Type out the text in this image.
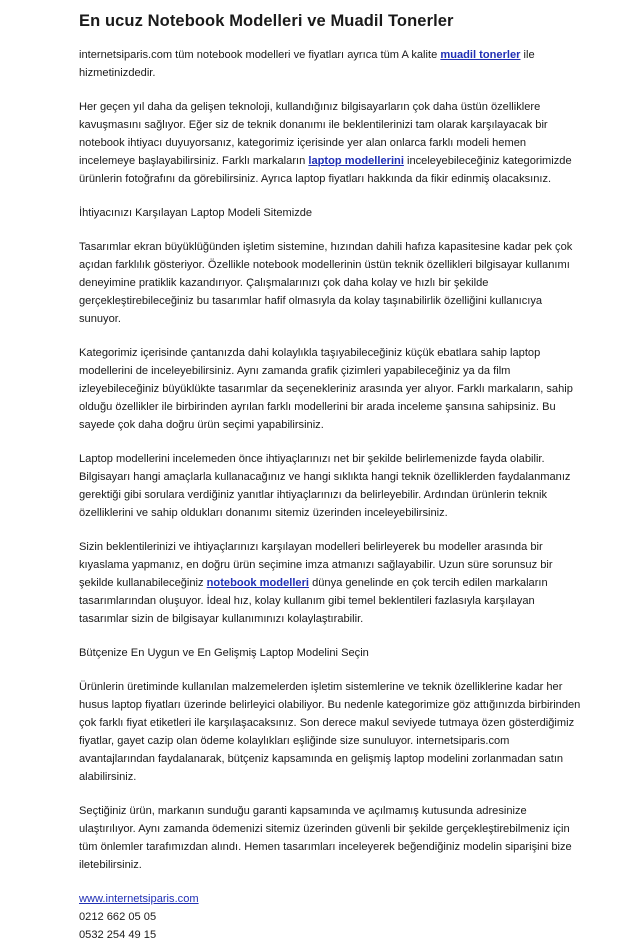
En ucuz Notebook Modelleri ve Muadil Tonerler

internetsiparis.com tüm notebook modelleri ve fiyatları ayrıca tüm A kalite muadil tonerler ile hizmetinizdedir.

Her geçen yıl daha da gelişen teknoloji, kullandığınız bilgisayarların çok daha üstün özelliklere kavuşmasını sağlıyor. Eğer siz de teknik donanımı ile beklentilerinizi tam olarak karşılayacak bir notebook ihtiyacı duyuyorsanız, kategorimiz içerisinde yer alan onlarca farklı modeli hemen incelemeye başlayabilirsiniz. Farklı markaların laptop modellerini inceleyebileceğiniz kategorimizde ürünlerin fotoğrafını da görebilirsiniz. Ayrıca laptop fiyatları hakkında da fikir edinmiş olacaksınız.

İhtiyacınızı Karşılayan Laptop Modeli Sitemizde

Tasarımlar ekran büyüklüğünden işletim sistemine, hızından dahili hafıza kapasitesine kadar pek çok açıdan farklılık gösteriyor. Özellikle notebook modellerinin üstün teknik özellikleri bilgisayar kullanımı deneyimine pratiklik kazandırıyor. Çalışmalarınızı çok daha kolay ve hızlı bir şekilde gerçekleştirebileceğiniz bu tasarımlar hafif olmasıyla da kolay taşınabilirlik özelliğini kullanıcıya sunuyor.

Kategorimiz içerisinde çantanızda dahi kolaylıkla taşıyabileceğiniz küçük ebatlara sahip laptop modellerini de inceleyebilirsiniz. Aynı zamanda grafik çizimleri yapabileceğiniz ya da film izleyebileceğiniz büyüklükte tasarımlar da seçenekleriniz arasında yer alıyor. Farklı markaların, sahip olduğu özellikler ile birbirinden ayrılan farklı modellerini bir arada inceleme şansına sahipsiniz. Bu sayede çok daha doğru ürün seçimi yapabilirsiniz.

Laptop modellerini incelemeden önce ihtiyaçlarınızı net bir şekilde belirlemenizde fayda olabilir. Bilgisayarı hangi amaçlarla kullanacağınız ve hangi sıklıkta hangi teknik özelliklerden faydalanmanız gerektiği gibi sorulara verdiğiniz yanıtlar ihtiyaçlarınızı da belirleyebilir. Ardından ürünlerin teknik özelliklerini ve sahip oldukları donanımı sitemiz üzerinden inceleyebilirsiniz.

Sizin beklentilerinizi ve ihtiyaçlarınızı karşılayan modelleri belirleyerek bu modeller arasında bir kıyaslama yapmanız, en doğru ürün seçimine imza atmanızı sağlayabilir. Uzun süre sorunsuz bir şekilde kullanabileceğiniz notebook modelleri dünya genelinde en çok tercih edilen markaların tasarımlarından oluşuyor. İdeal hız, kolay kullanım gibi temel beklentileri fazlasıyla karşılayan tasarımlar sizin de bilgisayar kullanımınızı kolaylaştırabilir.

Bütçenize En Uygun ve En Gelişmiş Laptop Modelini Seçin

Ürünlerin üretiminde kullanılan malzemelerden işletim sistemlerine ve teknik özelliklerine kadar her husus laptop fiyatları üzerinde belirleyici olabiliyor. Bu nedenle kategorimize göz attığınızda birbirinden çok farklı fiyat etiketleri ile karşılaşacaksınız. Son derece makul seviyede tutmaya özen gösterdiğimiz fiyatlar, gayet cazip olan ödeme kolaylıkları eşliğinde size sunuluyor. internetsiparis.com avantajlarından faydalanarak, bütçeniz kapsamında en gelişmiş laptop modelini zorlanmadan satın alabilirsiniz.

Seçtiğiniz ürün, markanın sunduğu garanti kapsamında ve açılmamış kutusunda adresinize ulaştırılıyor. Aynı zamanda ödemenizi sitemiz üzerinden güvenli bir şekilde gerçekleştirebilmeniz için tüm önlemler tarafımızdan alındı. Hemen tasarımları inceleyerek beğendiğiniz modelin siparişini bize iletebilirsiniz.

www.internetsiparis.com
0212 662 05 05
0532 254 49 15
